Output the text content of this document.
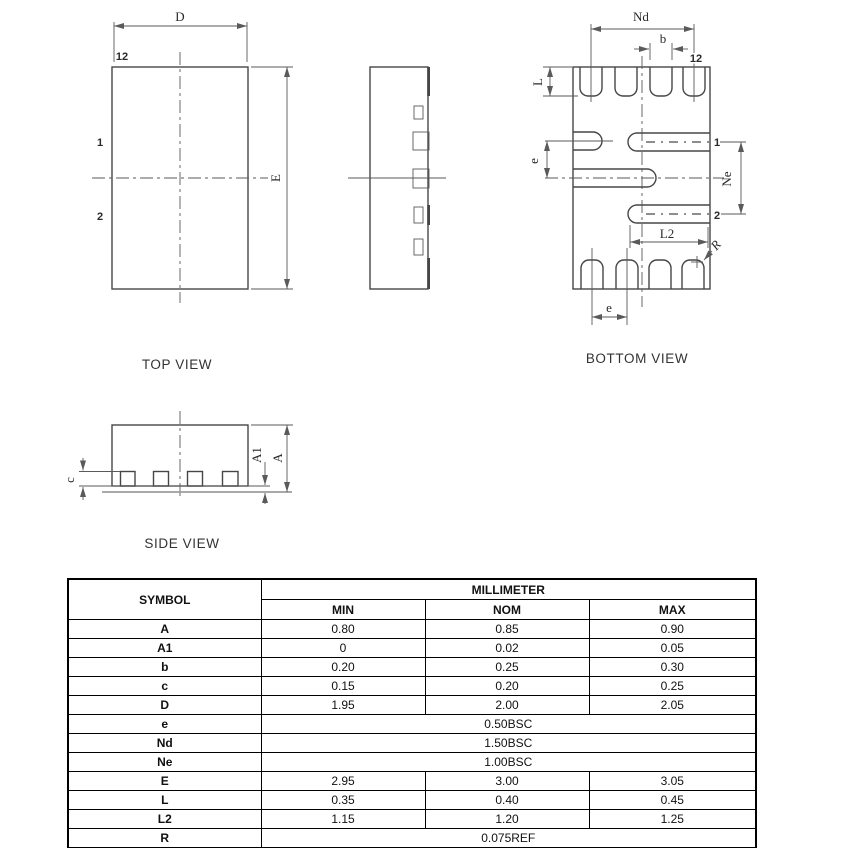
D
E
12
1
2
Nd
b
12
L
e
Ne
1
2
L2
R
e
c
A1 A
TOP VIEW	BOTTOM VIEW
SIDE VIEW
SYMBOL	MILLIMETER		
	MIN	NOM	MAX
A	0.80	0.85	0.90
A1	0	0.02	0.05
b	0.20	0.25	0.30
c	0.15	0.20	0.25
D	1.95	2.00	2.05
e	0.50BSC		
Nd	1.50BSC		
Ne	1.00BSC		
E	2.95	3.00	3.05
L	0.35	0.40	0.45
L2	1.15	1.20	1.25
R	0.075REF		
